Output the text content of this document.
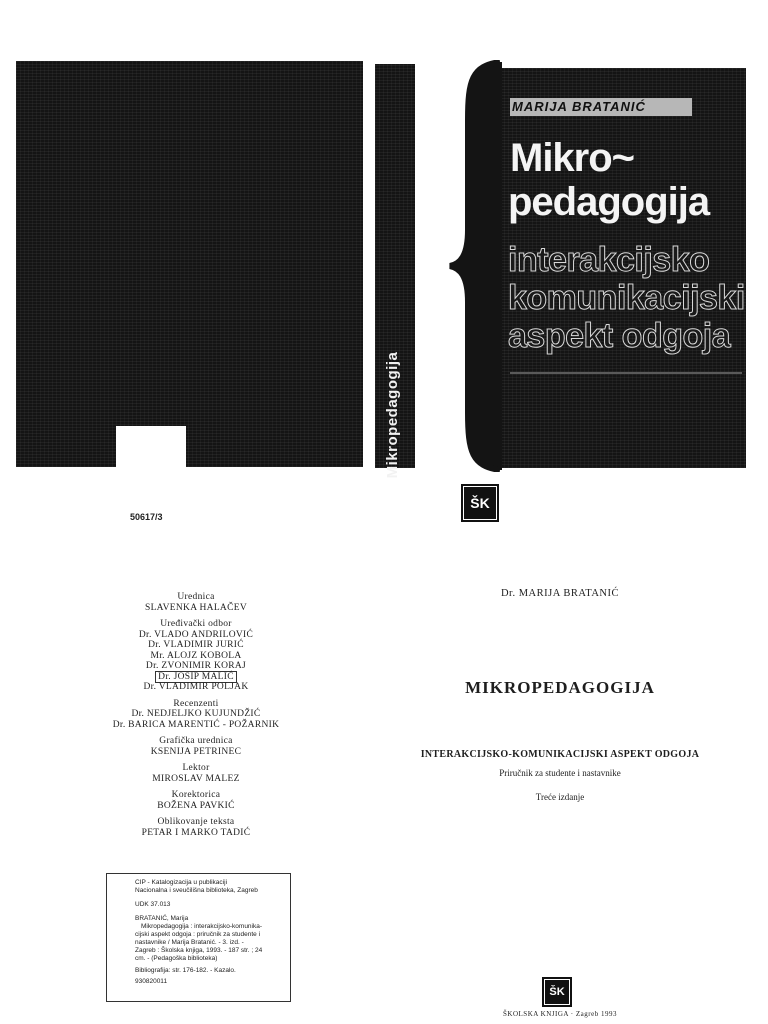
50617/3
Mikropedagogija
MARIJA BRATANIĆ
Mikro~
pedagogija
interakcijsko
komunikacijski
aspekt odgoja
ŠK
Urednica
SLAVENKA HALAČEV
Uređivački odbor
Dr. VLADO ANDRILOVIĆ
Dr. VLADIMIR JURIĆ
Mr. ALOJZ KOBOLA
Dr. ZVONIMIR KORAJ
Dr. JOSIP MALIĆ
Dr. VLADIMIR POLJAK
Recenzenti
Dr. NEDJELJKO KUJUNDŽIĆ
Dr. BARICA MARENTIĆ - POŽARNIK
Grafička urednica
KSENIJA PETRINEC
Lektor
MIROSLAV MALEZ
Korektorica
BOŽENA PAVKIĆ
Oblikovanje teksta
PETAR I MARKO TADIĆ
CIP - Katalogizacija u publikaciji
Nacionalna i sveučilišna biblioteka, Zagreb
UDK 37.013
BRATANIĆ, Marija
Mikropedagogija : interakcijsko-komunika-
cijski aspekt odgoja : priručnik za studente i
nastavnike / Marija Bratanić. - 3. izd. -
Zagreb : Školska knjiga, 1993. - 187 str. ; 24
cm. - (Pedagoška biblioteka)
Bibliografija: str. 176-182. - Kazalo.
930820011
Dr. MARIJA BRATANIĆ
MIKROPEDAGOGIJA
INTERAKCIJSKO-KOMUNIKACIJSKI ASPEKT ODGOJA
Priručnik za studente i nastavnike
Treće izdanje
ŠK
ŠKOLSKA KNJIGA · Zagreb 1993
